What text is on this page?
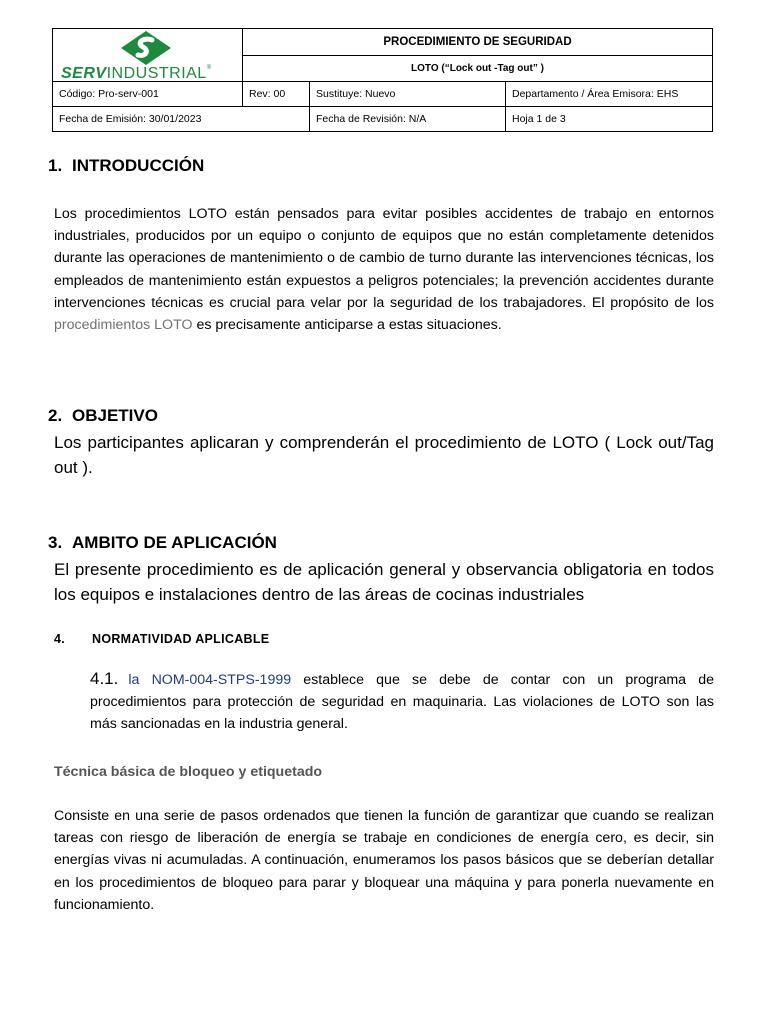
SERVINDUSTRIAL®	PROCEDIMIENTO DE SEGURIDAD		
	LOTO (“Lock out -Tag out” )		
Código: Pro-serv-001	Rev: 00	Sustituye: Nuevo	Departamento / Área Emisora: EHS
Fecha de Emisión: 30/01/2023		Fecha de Revisión: N/A	Hoja 1 de 3
1. INTRODUCCIÓN
Los procedimientos LOTO están pensados para evitar posibles accidentes de trabajo en entornos industriales, producidos por un equipo o conjunto de equipos que no están completamente detenidos durante las operaciones de mantenimiento o de cambio de turno durante las intervenciones técnicas, los empleados de mantenimiento están expuestos a peligros potenciales; la prevención accidentes durante intervenciones técnicas es crucial para velar por la seguridad de los trabajadores. El propósito de los procedimientos LOTO es precisamente anticiparse a estas situaciones.
2. OBJETIVO
Los participantes aplicaran y comprenderán el procedimiento de LOTO ( Lock out/Tag out ).
3. AMBITO DE APLICACIÓN
El presente procedimiento es de aplicación general y observancia obligatoria en todos los equipos e instalaciones dentro de las áreas de cocinas industriales
4. NORMATIVIDAD APLICABLE
4.1. la NOM-004-STPS-1999 establece que se debe de contar con un programa de procedimientos para protección de seguridad en maquinaria. Las violaciones de LOTO son las más sancionadas en la industria general.
Técnica básica de bloqueo y etiquetado
Consiste en una serie de pasos ordenados que tienen la función de garantizar que cuando se realizan tareas con riesgo de liberación de energía se trabaje en condiciones de energía cero, es decir, sin energías vivas ni acumuladas. A continuación, enumeramos los pasos básicos que se deberían detallar en los procedimientos de bloqueo para parar y bloquear una máquina y para ponerla nuevamente en funcionamiento.
